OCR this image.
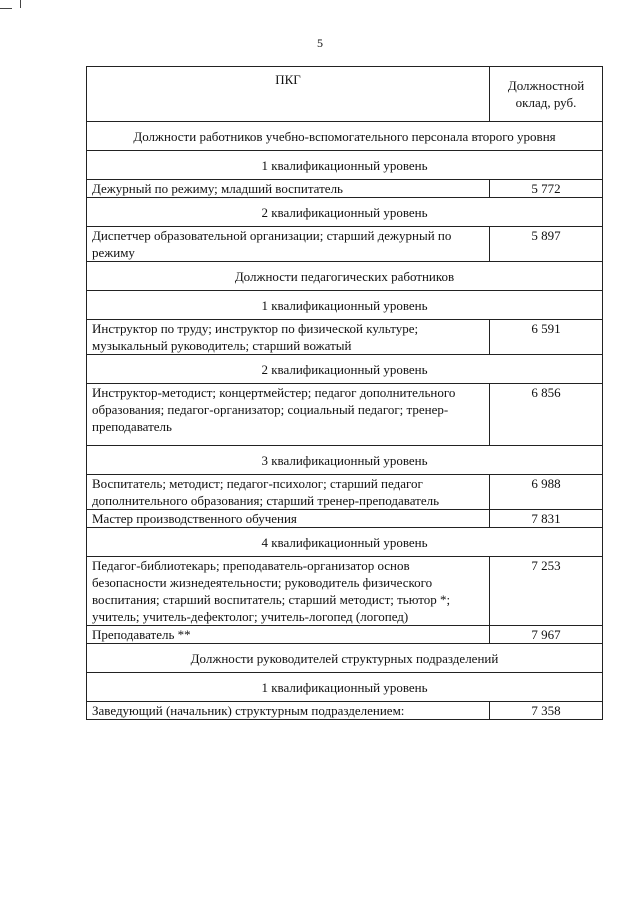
5
ПКГ	Должностной оклад, руб.
Должности работников учебно-вспомогательного персонала второго уровня	
1 квалификационный уровень	
Дежурный по режиму; младший воспитатель	5 772
2 квалификационный уровень	
Диспетчер образовательной организации; старший дежурный по режиму	5 897
Должности педагогических работников	
1 квалификационный уровень	
Инструктор по труду; инструктор по физической культуре; музыкальный руководитель; старший вожатый	6 591
2 квалификационный уровень	
Инструктор-методист; концертмейстер; педагог дополнительного образования; педагог-организатор; социальный педагог; тренер-преподаватель	6 856
3 квалификационный уровень	
Воспитатель; методист; педагог-психолог; старший педагог дополнительного образования; старший тренер-преподаватель	6 988
Мастер производственного обучения	7 831
4 квалификационный уровень	
Педагог-библиотекарь; преподаватель-организатор основ безопасности жизнедеятельности; руководитель физического воспитания; старший воспитатель; старший методист; тьютор *; учитель; учитель-дефектолог; учитель-логопед (логопед)	7 253
Преподаватель **	7 967
Должности руководителей структурных подразделений	
1 квалификационный уровень	
Заведующий (начальник) структурным подразделением:	7 358
